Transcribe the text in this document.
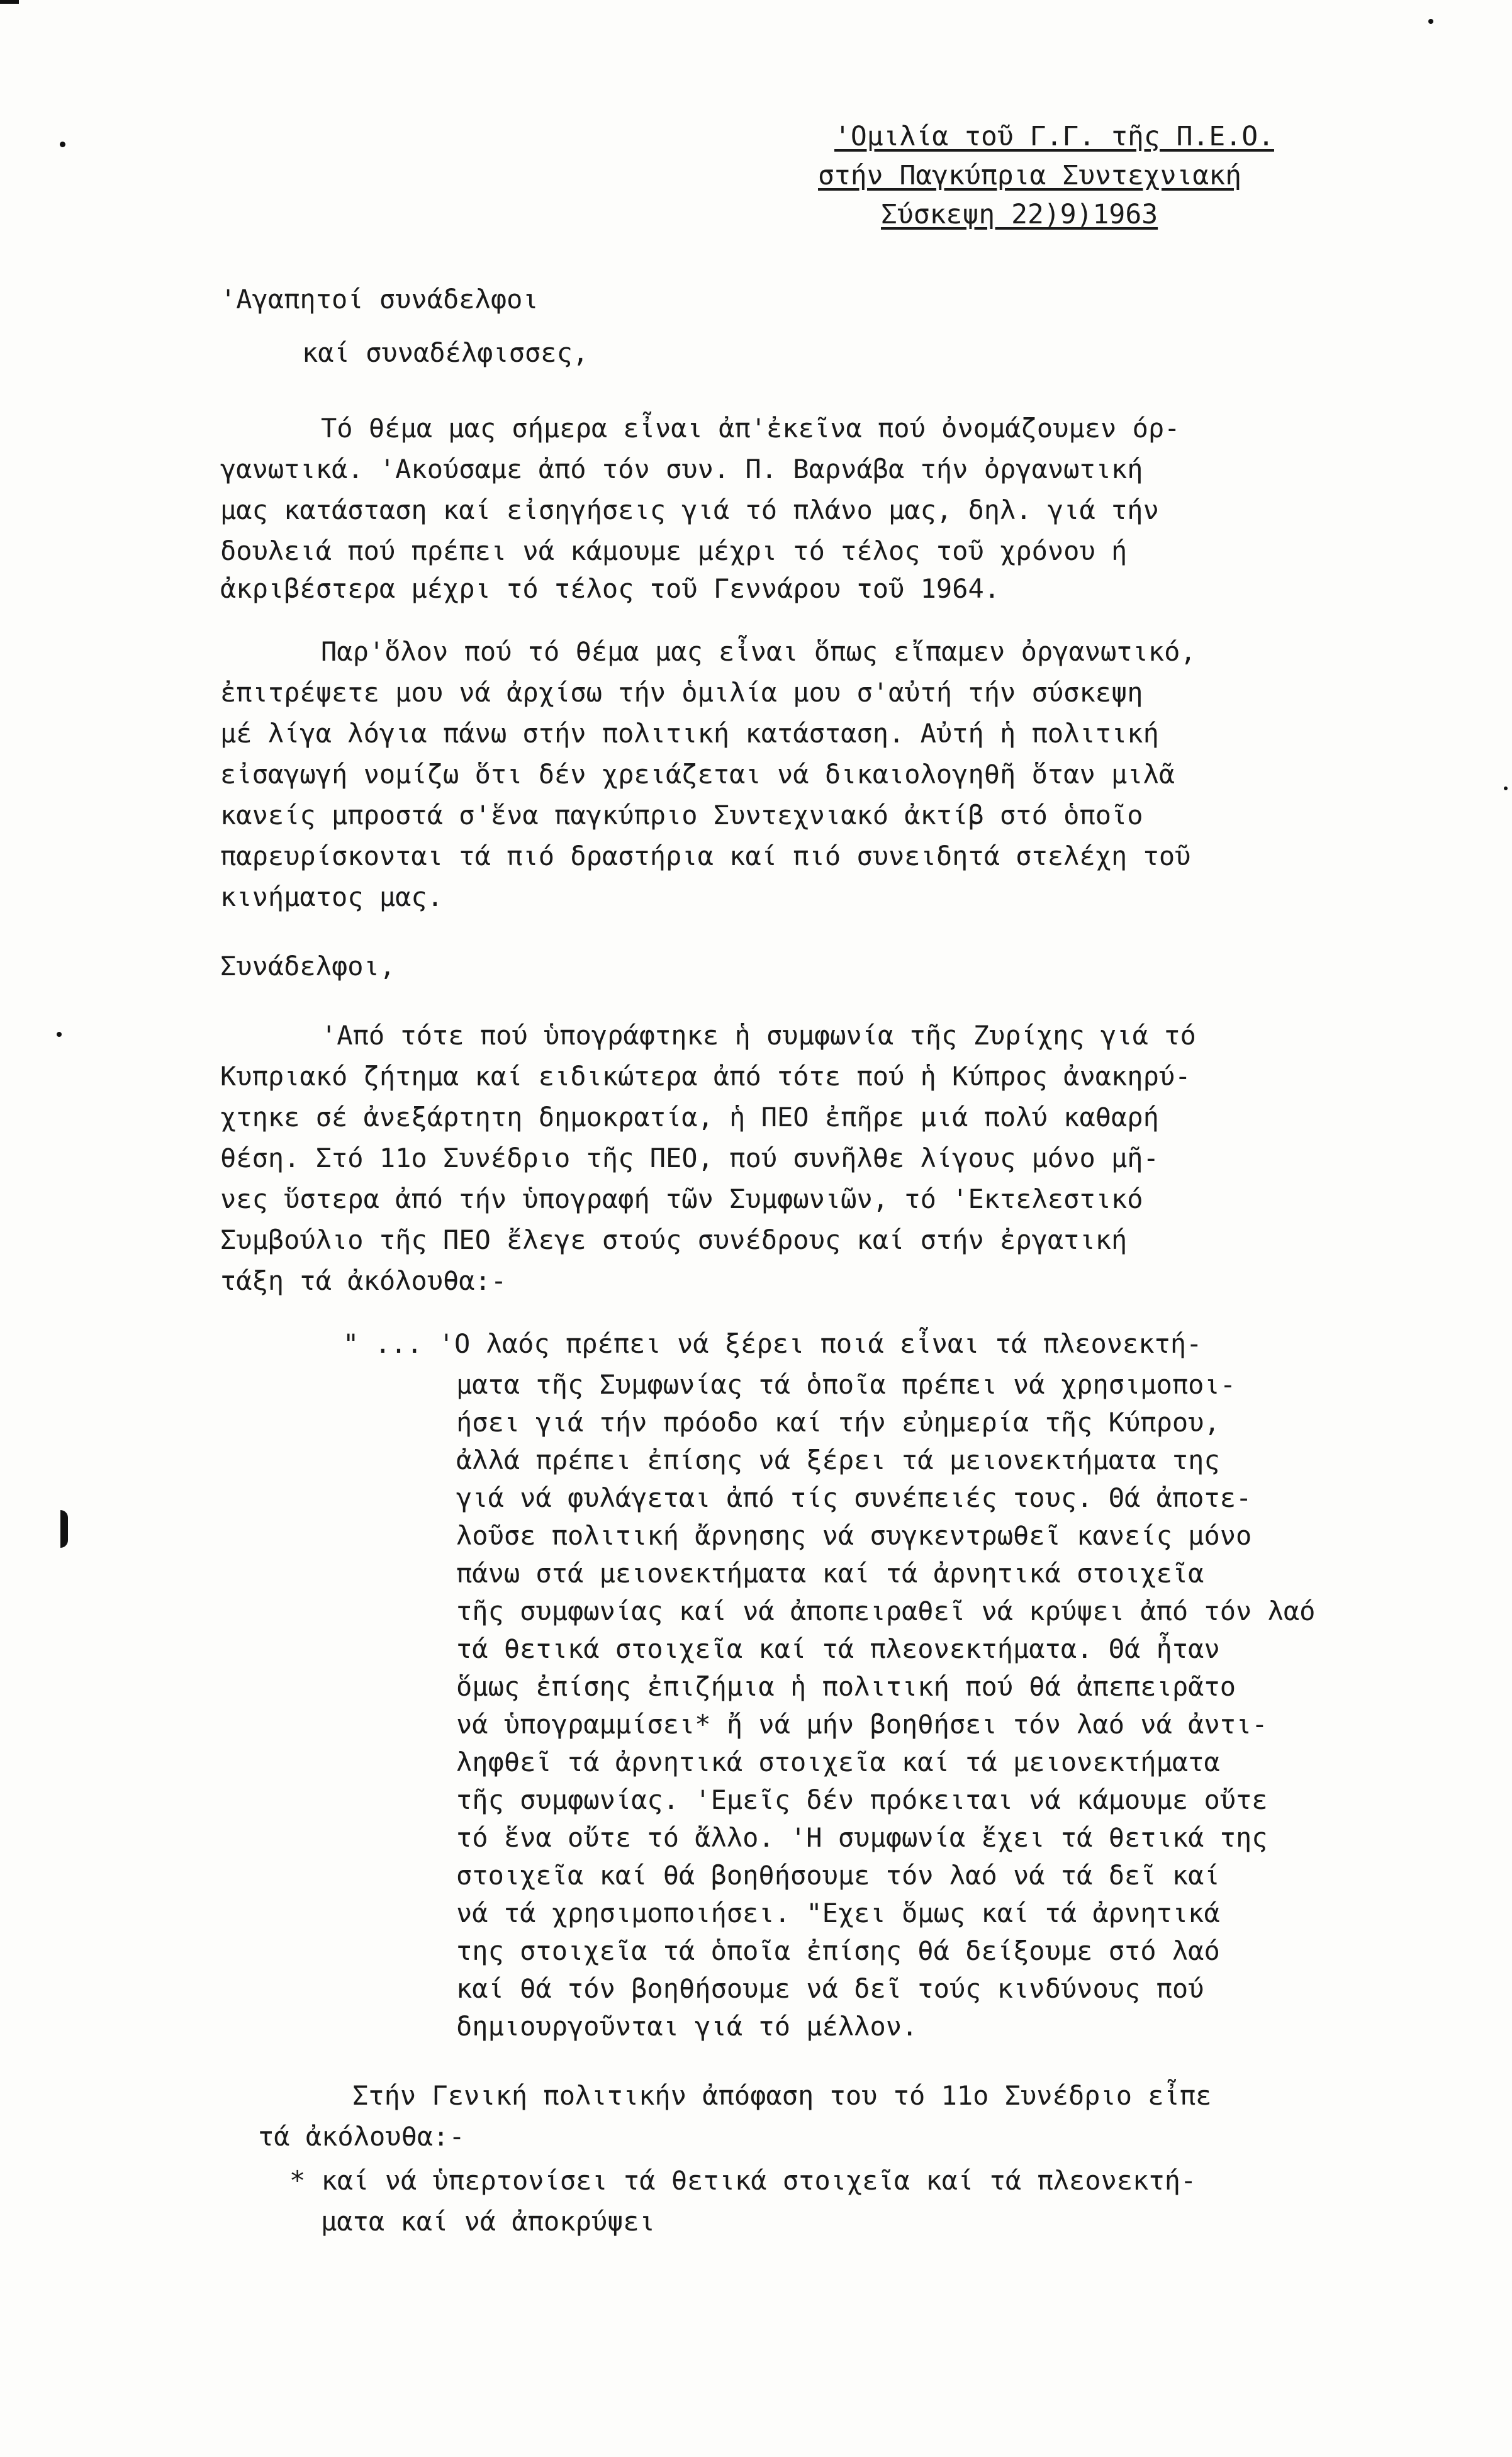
'Ομιλία τοῦ Γ.Γ. τῆς Π.Ε.Ο.
στήν Παγκύπρια Συντεχνιακή
Σύσκεψη 22)9)1963
'Αγαπητοί συνάδελφοι
καί συναδέλφισσες,
Τό θέμα μας σήμερα εἶναι ἀπ'ἐκεῖνα πού ὀνομάζουμεν όρ-
γανωτικά. 'Ακούσαμε ἀπό τόν συν. Π. Βαρνάβα τήν ὀργανωτική
μας κατάσταση καί εἰσηγήσεις γιά τό πλάνο μας, δηλ. γιά τήν
δουλειά πού πρέπει νά κάμουμε μέχρι τό τέλος τοῦ χρόνου ή
ἀκριβέστερα μέχρι τό τέλος τοῦ Γεννάρου τοῦ 1964.
Παρ'ὅλον πού τό θέμα μας εἶναι ὅπως εἴπαμεν ὀργανωτικό,
ἐπιτρέψετε μου νά ἀρχίσω τήν ὁμιλία μου σ'αὐτή τήν σύσκεψη
μέ λίγα λόγια πάνω στήν πολιτική κατάσταση. Αὐτή ἡ πολιτική
εἰσαγωγή νομίζω ὅτι δέν χρειάζεται νά δικαιολογηθῆ ὅταν μιλᾶ
κανείς μπροστά σ'ἕνα παγκύπριο Συντεχνιακό ἀκτίβ στό ὁποῖο
παρευρίσκονται τά πιό δραστήρια καί πιό συνειδητά στελέχη τοῦ
κινήματος μας.
Συνάδελφοι,
'Από τότε πού ὑπογράφτηκε ἡ συμφωνία τῆς Ζυρίχης γιά τό
Κυπριακό ζήτημα καί ειδικώτερα ἀπό τότε πού ἡ Κύπρος ἀνακηρύ-
χτηκε σέ ἀνεξάρτητη δημοκρατία, ἡ ΠΕΟ ἐπῆρε μιά πολύ καθαρή
θέση. Στό 11ο Συνέδριο τῆς ΠΕΟ, πού συνῆλθε λίγους μόνο μῆ-
νες ὕστερα ἀπό τήν ὑπογραφή τῶν Συμφωνιῶν, τό 'Εκτελεστικό
Συμβούλιο τῆς ΠΕΟ ἔλεγε στούς συνέδρους καί στήν ἐργατική
τάξη τά ἀκόλουθα:-
" ... 'Ο λαός πρέπει νά ξέρει ποιά εἶναι τά πλεονεκτή-
ματα τῆς Συμφωνίας τά ὁποῖα πρέπει νά χρησιμοποι-
ήσει γιά τήν πρόοδο καί τήν εὐημερία τῆς Κύπρου,
ἀλλά πρέπει ἐπίσης νά ξέρει τά μειονεκτήματα της
γιά νά φυλάγεται ἀπό τίς συνέπειές τους. Θά ἀποτε-
λοῦσε πολιτική ἄρνησης νά συγκεντρωθεῖ κανείς μόνο
πάνω στά μειονεκτήματα καί τά ἀρνητικά στοιχεῖα
τῆς συμφωνίας καί νά ἀποπειραθεῖ νά κρύψει ἀπό τόν λαό
τά θετικά στοιχεῖα καί τά πλεονεκτήματα. Θά ἦταν
ὅμως ἐπίσης ἐπιζήμια ἡ πολιτική πού θά ἀπεπειρᾶτο
νά ὑπογραμμίσει* ἤ νά μήν βοηθήσει τόν λαό νά ἀντι-
ληφθεῖ τά ἀρνητικά στοιχεῖα καί τά μειονεκτήματα
τῆς συμφωνίας. 'Εμεῖς δέν πρόκειται νά κάμουμε οὔτε
τό ἕνα οὔτε τό ἄλλο. 'Η συμφωνία ἔχει τά θετικά της
στοιχεῖα καί θά βοηθήσουμε τόν λαό νά τά δεῖ καί
νά τά χρησιμοποιήσει. "Εχει ὅμως καί τά ἀρνητικά
της στοιχεῖα τά ὁποῖα ἐπίσης θά δείξουμε στό λαό
καί θά τόν βοηθήσουμε νά δεῖ τούς κινδύνους πού
δημιουργοῦνται γιά τό μέλλον.
Στήν Γενική πολιτικήν ἀπόφαση του τό 11ο Συνέδριο εἶπε
τά ἀκόλουθα:-
* καί νά ὑπερτονίσει τά θετικά στοιχεῖα καί τά πλεονεκτή-
ματα καί νά ἀποκρύψει
